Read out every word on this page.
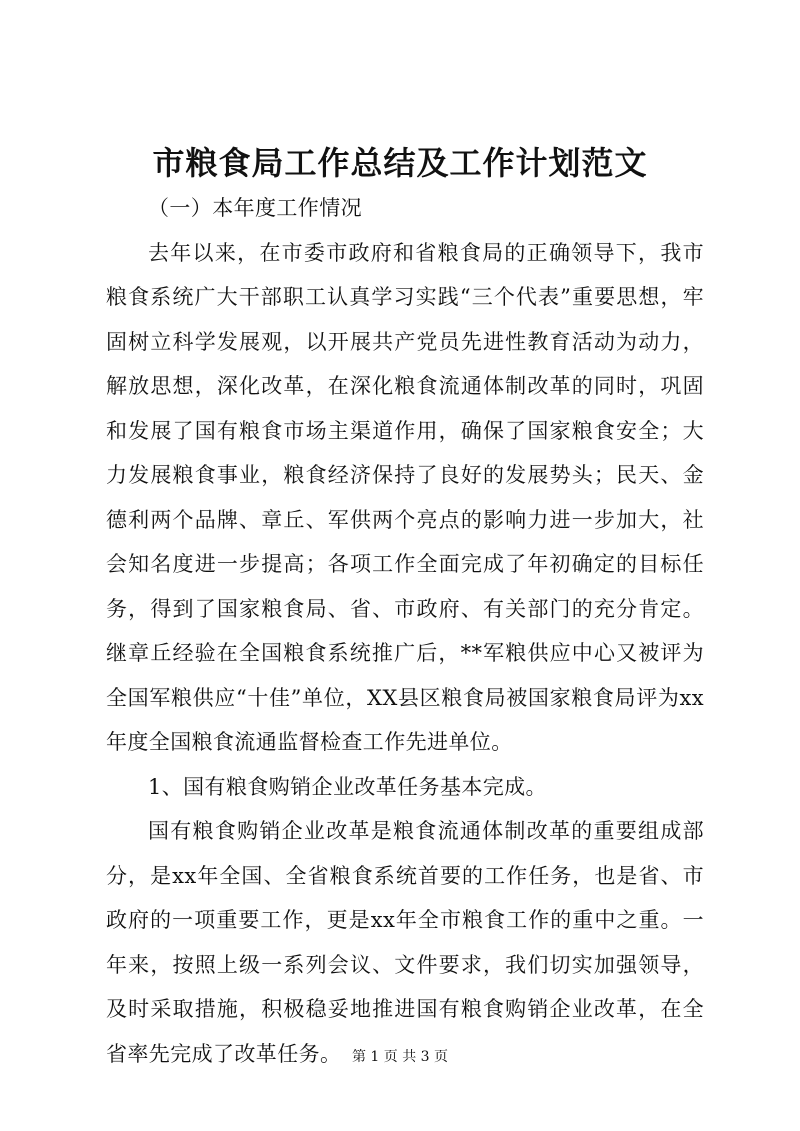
市粮食局工作总结及工作计划范文

（一）本年度工作情况

去年以来，在市委市政府和省粮食局的正确领导下，我市粮食系统广大干部职工认真学习实践“三个代表”重要思想，牢固树立科学发展观，以开展共产党员先进性教育活动为动力，解放思想，深化改革，在深化粮食流通体制改革的同时，巩固和发展了国有粮食市场主渠道作用，确保了国家粮食安全；大力发展粮食事业，粮食经济保持了良好的发展势头；民天、金德利两个品牌、章丘、军供两个亮点的影响力进一步加大，社会知名度进一步提高；各项工作全面完成了年初确定的目标任务，得到了国家粮食局、省、市政府、有关部门的充分肯定。继章丘经验在全国粮食系统推广后，**军粮供应中心又被评为全国军粮供应“十佳”单位，XX县区粮食局被国家粮食局评为xx年度全国粮食流通监督检查工作先进单位。

1、国有粮食购销企业改革任务基本完成。

国有粮食购销企业改革是粮食流通体制改革的重要组成部分，是xx年全国、全省粮食系统首要的工作任务，也是省、市政府的一项重要工作，更是xx年全市粮食工作的重中之重。一年来，按照上级一系列会议、文件要求，我们切实加强领导，及时采取措施，积极稳妥地推进国有粮食购销企业改革，在全省率先完成了改革任务。 第 1 页 共 3 页
